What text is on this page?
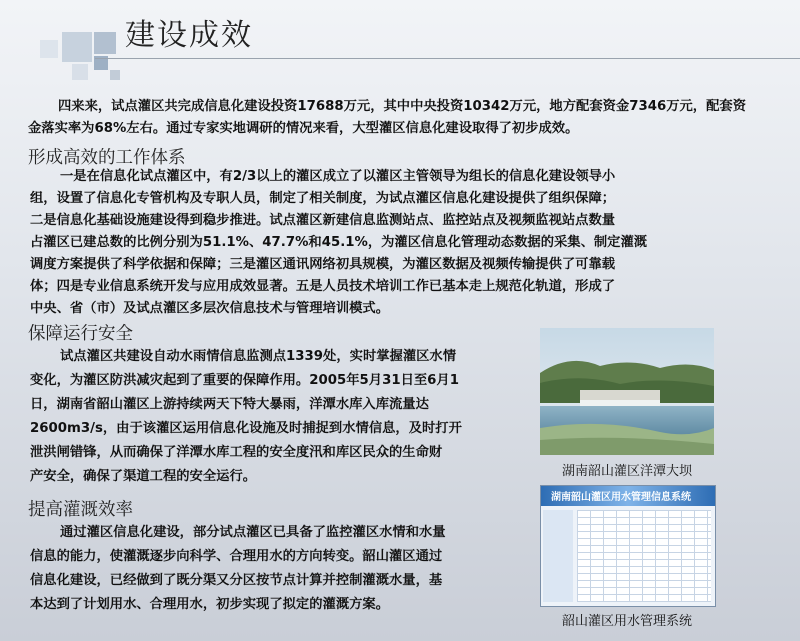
建设成效
四来来，试点灌区共完成信息化建设投资17688万元，其中中央投资10342万元，地方配套资金7346万元，配套资
金落实率为68%左右。通过专家实地调研的情况来看，大型灌区信息化建设取得了初步成效。
形成高效的工作体系
一是在信息化试点灌区中，有2/3以上的灌区成立了以灌区主管领导为组长的信息化建设领导小
组，设置了信息化专管机构及专职人员，制定了相关制度，为试点灌区信息化建设提供了组织保障；
二是信息化基础设施建设得到稳步推进。试点灌区新建信息监测站点、监控站点及视频监视站点数量
占灌区已建总数的比例分别为51.1%、47.7%和45.1%，为灌区信息化管理动态数据的采集、制定灌溉
调度方案提供了科学依据和保障；三是灌区通讯网络初具规模，为灌区数据及视频传输提供了可靠载
体；四是专业信息系统开发与应用成效显著。五是人员技术培训工作已基本走上规范化轨道，形成了
中央、省（市）及试点灌区多层次信息技术与管理培训模式。
保障运行安全
试点灌区共建设自动水雨情信息监测点1339处，实时掌握灌区水情
变化，为灌区防洪减灾起到了重要的保障作用。2005年5月31日至6月1
日，湖南省韶山灌区上游持续两天下特大暴雨，洋潭水库入库流量达
2600m3/s，由于该灌区运用信息化设施及时捕捉到水情信息，及时打开
泄洪闸错锋，从而确保了洋潭水库工程的安全度汛和库区民众的生命财
产安全，确保了渠道工程的安全运行。
提高灌溉效率
通过灌区信息化建设，部分试点灌区已具备了监控灌区水情和水量
信息的能力，使灌溉逐步向科学、合理用水的方向转变。韶山灌区通过
信息化建设，已经做到了既分渠又分区按节点计算并控制灌溉水量，基
本达到了计划用水、合理用水，初步实现了拟定的灌溉方案。
湖南韶山灌区洋潭大坝
湖南韶山灌区用水管理信息系统
韶山灌区用水管理系统
